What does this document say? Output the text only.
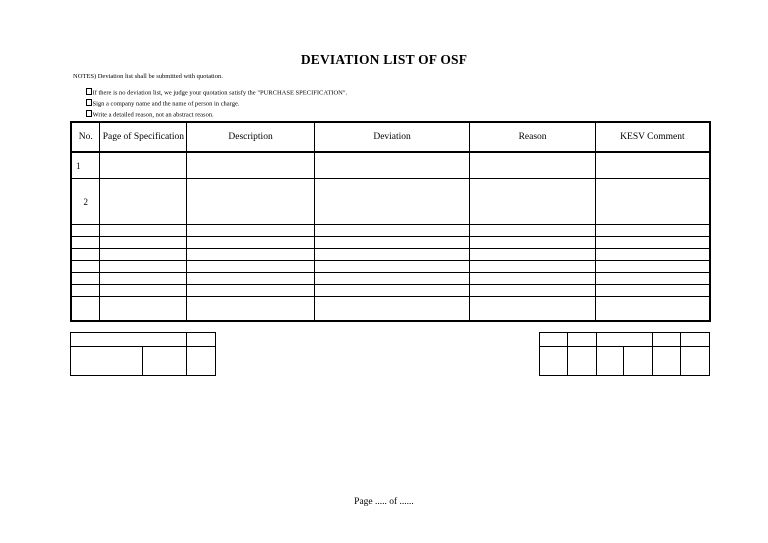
DEVIATION LIST OF OSF
NOTES) Deviation list shall be submitted with quotation.
If there is no deviation list, we judge your quotation satisfy the "PURCHASE SPECIFICATION".
Sign a company name and the name of person in charge.
Write a detailed reason, not an abstract reason.
No.	Page of Specification	Description	Deviation	Reason	KESV Comment
1					
2					

Page ..... of ......
